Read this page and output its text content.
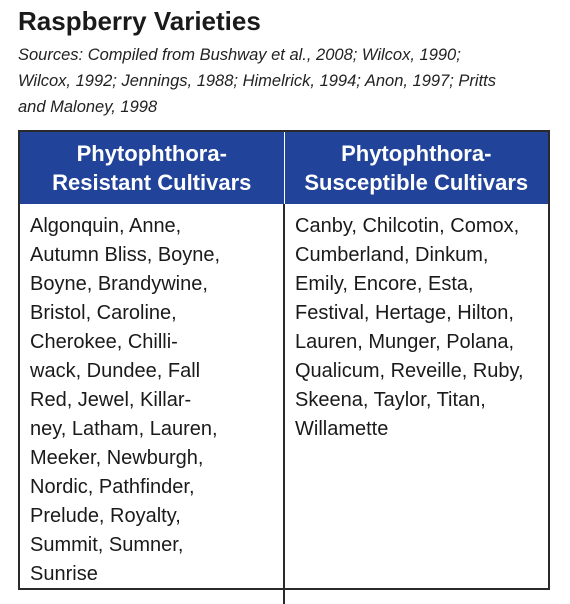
Raspberry Varieties
Sources: Compiled from Bushway et al., 2008; Wilcox, 1990;
Wilcox, 1992; Jennings, 1988; Himelrick, 1994; Anon, 1997; Pritts
and Maloney, 1998
Phytophthora-
Resistant Cultivars
Phytophthora-
Susceptible Cultivars
Algonquin, Anne,
Autumn Bliss, Boyne,
Boyne, Brandywine,
Bristol, Caroline,
Cherokee, Chilli-
wack, Dundee, Fall
Red, Jewel, Killar-
ney, Latham, Lauren,
Meeker, Newburgh,
Nordic, Pathfinder,
Prelude, Royalty,
Summit, Sumner,
Sunrise
Canby, Chilcotin, Comox,
Cumberland, Dinkum,
Emily, Encore, Esta,
Festival, Hertage, Hilton,
Lauren, Munger, Polana,
Qualicum, Reveille, Ruby,
Skeena, Taylor, Titan,
Willamette
